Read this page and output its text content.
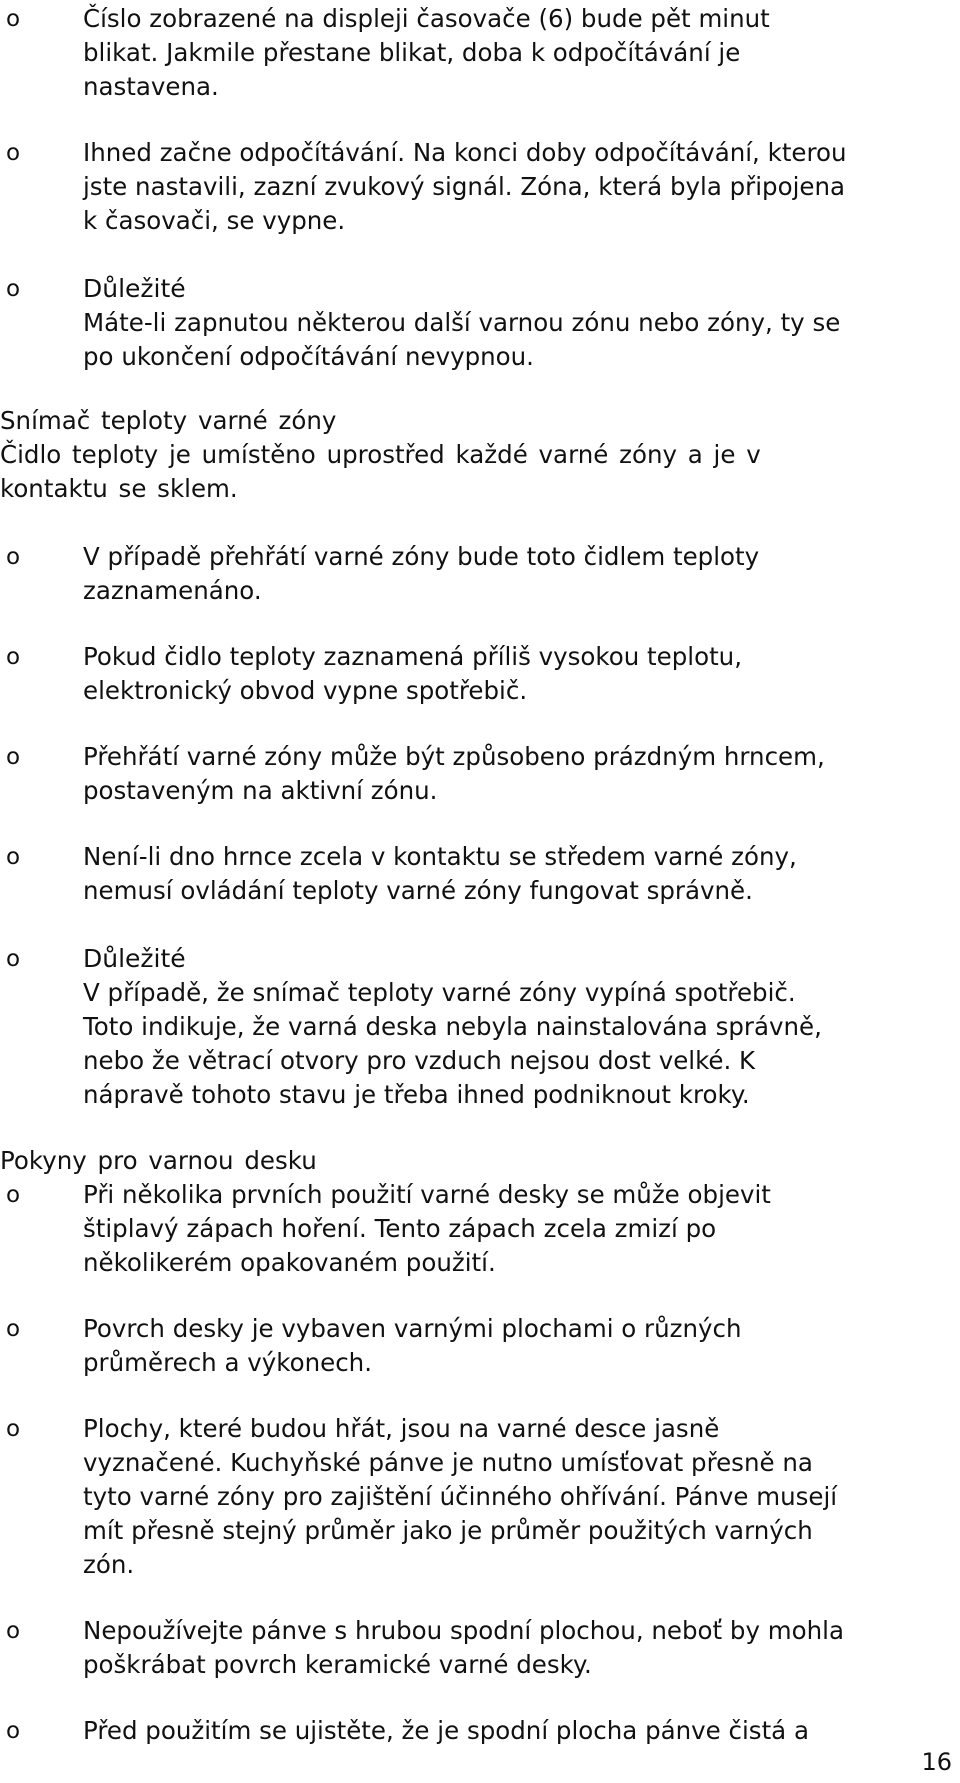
o	Číslo zobrazené na displeji časovače (6) bude pět minut
blikat. Jakmile přestane blikat, doba k odpočítávání je
nastavena.
o	Ihned začne odpočítávání. Na konci doby odpočítávání, kterou
jste nastavili, zazní zvukový signál. Zóna, která byla připojena
k časovači, se vypne.
o	Důležité
Máte-li zapnutou některou další varnou zónu nebo zóny, ty se
po ukončení odpočítávání nevypnou.
Snímač teploty varné zóny
Čidlo teploty je umístěno uprostřed každé varné zóny a je v
kontaktu se sklem.
o	V případě přehřátí varné zóny bude toto čidlem teploty
zaznamenáno.
o	Pokud čidlo teploty zaznamená příliš vysokou teplotu,
elektronický obvod vypne spotřebič.
o	Přehřátí varné zóny může být způsobeno prázdným hrncem,
postaveným na aktivní zónu.
o	Není-li dno hrnce zcela v kontaktu se středem varné zóny,
nemusí ovládání teploty varné zóny fungovat správně.
o	Důležité
V případě, že snímač teploty varné zóny vypíná spotřebič.
Toto indikuje, že varná deska nebyla nainstalována správně,
nebo že větrací otvory pro vzduch nejsou dost velké. K
nápravě tohoto stavu je třeba ihned podniknout kroky.
Pokyny pro varnou desku
o	Při několika prvních použití varné desky se může objevit
štiplavý zápach hoření. Tento zápach zcela zmizí po
několikerém opakovaném použití.
o	Povrch desky je vybaven varnými plochami o různých
průměrech a výkonech.
o	Plochy, které budou hřát, jsou na varné desce jasně
vyznačené. Kuchyňské pánve je nutno umísťovat přesně na
tyto varné zóny pro zajištění účinného ohřívání. Pánve musejí
mít přesně stejný průměr jako je průměr použitých varných
zón.
o	Nepoužívejte pánve s hrubou spodní plochou, neboť by mohla
poškrábat povrch keramické varné desky.
o	Před použitím se ujistěte, že je spodní plocha pánve čistá a
16
